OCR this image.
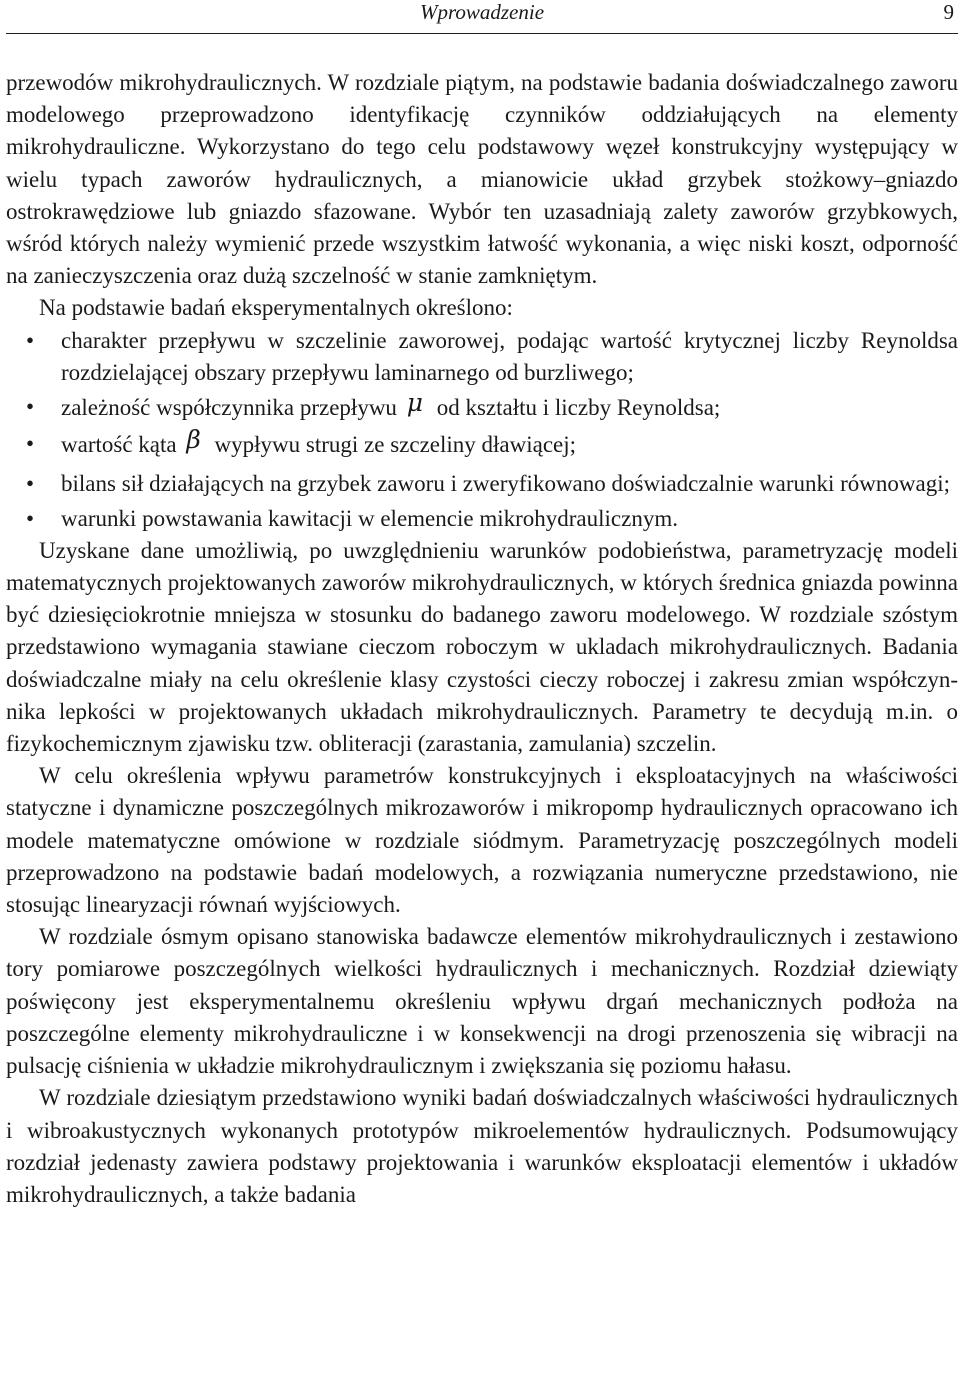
Wprowadzenie	9

przewodów mikrohydraulicznych. W rozdziale piątym, na podstawie badania doświadczalnego zaworu modelowego przeprowadzono identyfikację czynników oddziałujących na elementy mikrohydrauliczne. Wykorzystano do tego celu podstawowy węzeł konstrukcyjny występujący w wielu typach zaworów hydraulicznych, a mianowicie układ grzybek stożkowy–gniazdo ostrokrawędziowe lub gniazdo sfazowane. Wybór ten uzasadniają zalety zaworów grzybkowych, wśród których należy wymienić przede wszystkim łatwość wykonania, a więc niski koszt, odporność na zanieczyszczenia oraz dużą szczelność w stanie zamkniętym.

Na podstawie badań eksperymentalnych określono:

• charakter przepływu w szczelinie zaworowej, podając wartość krytycznej liczby Reynoldsa rozdzielającej obszary przepływu laminarnego od burzliwego;
• zależność współczynnika przepływu μ od kształtu i liczby Reynoldsa;
• wartość kąta β wypływu strugi ze szczeliny dławiącej;
• bilans sił działających na grzybek zaworu i zweryfikowano doświadczalnie warunki równowagi;
• warunki powstawania kawitacji w elemencie mikrohydraulicznym.

Uzyskane dane umożliwią, po uwzględnieniu warunków podobieństwa, parametryzację modeli matematycznych projektowanych zaworów mikrohydraulicznych, w których średnica gniazda powinna być dziesięciokrotnie mniejsza w stosunku do badanego zaworu modelowego. W rozdziale szóstym przedstawiono wymagania stawiane cieczom roboczym w ukladach mikrohydraulicznych. Badania doświadczalne miały na celu określenie klasy czystości cieczy roboczej i zakresu zmian współczynnika lepkości w projektowanych układach mikrohydraulicznych. Parametry te decydują m.in. o fizykochemicznym zjawisku tzw. obliteracji (zarastania, zamulania) szczelin.

W celu określenia wpływu parametrów konstrukcyjnych i eksploatacyjnych na właściwości statyczne i dynamiczne poszczególnych mikrozaworów i mikropomp hydraulicznych opracowano ich modele matematyczne omówione w rozdziale siódmym. Parametryzację poszczególnych modeli przeprowadzono na podstawie badań modelowych, a rozwiązania numeryczne przedstawiono, nie stosując linearyzacji równań wyjściowych.

W rozdziale ósmym opisano stanowiska badawcze elementów mikrohydraulicznych i zestawiono tory pomiarowe poszczególnych wielkości hydraulicznych i mechanicznych. Rozdział dziewiąty poświęcony jest eksperymentalnemu określeniu wpływu drgań mechanicznych podłoża na poszczególne elementy mikrohydrauliczne i w konsekwencji na drogi przenoszenia się wibracji na pulsację ciśnienia w układzie mikrohydraulicznym i zwiększania się poziomu hałasu.

W rozdziale dziesiątym przedstawiono wyniki badań doświadczalnych właściwości hydraulicznych i wibroakustycznych wykonanych prototypów mikroelementów hydraulicznych. Podsumowujący rozdział jedenasty zawiera podstawy projektowania i warunków eksploatacji elementów i układów mikrohydraulicznych, a także badania
